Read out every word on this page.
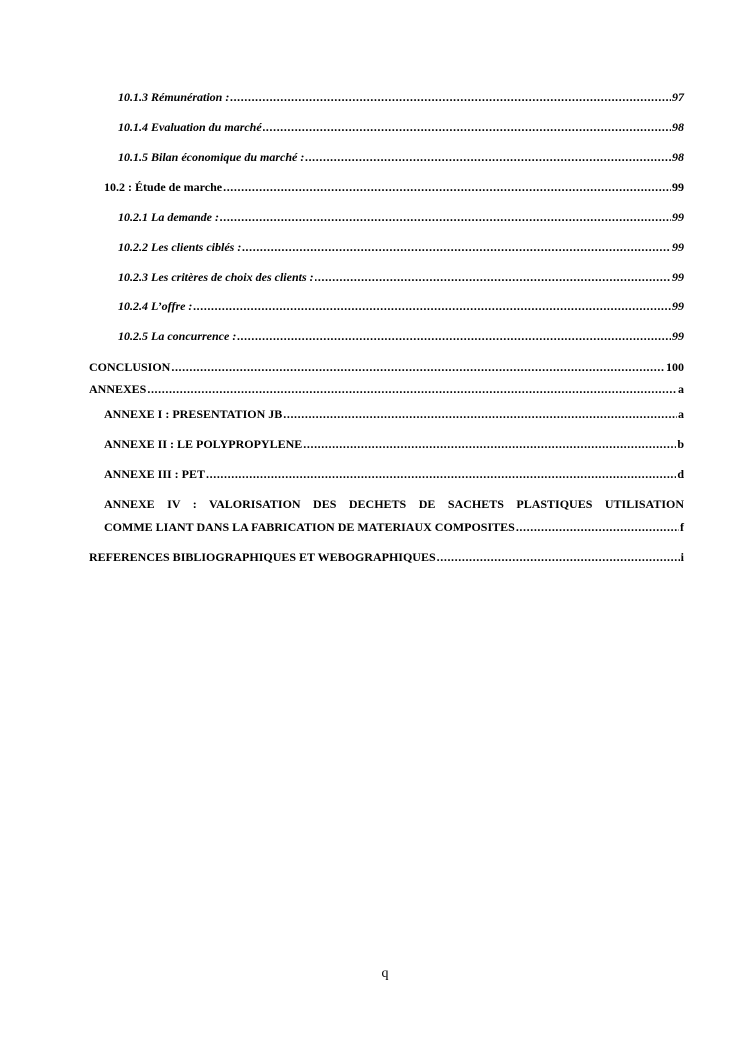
10.1.3 Rémunération : .....	97
10.1.4 Evaluation du marché .....	98
10.1.5 Bilan économique du marché : .....	98
10.2 : Étude de marche .....	99
10.2.1 La demande : .....	99
10.2.2 Les clients ciblés : .....	99
10.2.3 Les critères de choix des clients : .....	99
10.2.4 L’offre : .....	99
10.2.5 La concurrence : .....	99
CONCLUSION .....	100
ANNEXES .....	a
ANNEXE I : PRESENTATION JB .....	a
ANNEXE II : LE POLYPROPYLENE .....	b
ANNEXE III : PET .....	d
ANNEXE IV : VALORISATION DES DECHETS DE SACHETS PLASTIQUES UTILISATION
COMME LIANT DANS LA FABRICATION DE MATERIAUX COMPOSITES .....	f
REFERENCES BIBLIOGRAPHIQUES ET WEBOGRAPHIQUES .....	i
q
